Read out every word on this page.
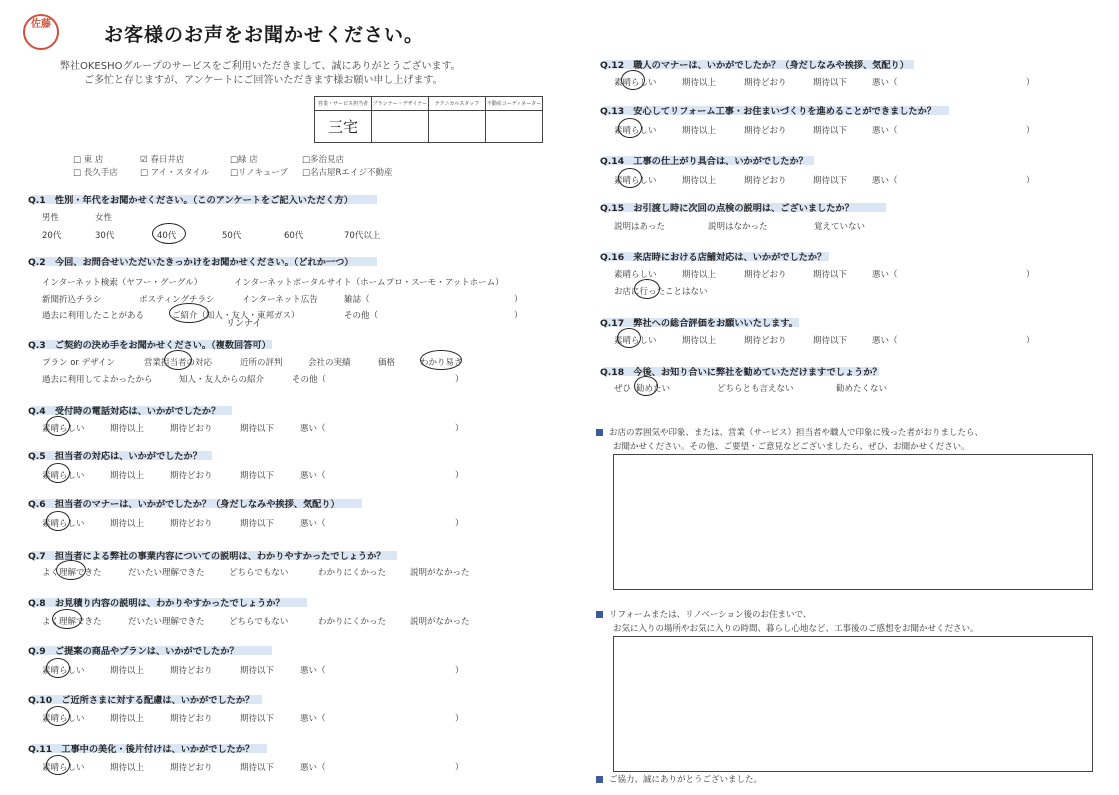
佐藤	お客様のお声をお聞かせください。
弊社OKESHOグループのサービスをご利用いただきまして、誠にありがとうございます。
ご多忙と存じますが、アンケートにご回答いただきます様お願い申し上げます。
営業・サービス担当者	プランナー・デザイナー	テクニカルスタッフ	不動産コーディネーター
三宅			
□ 東 店	☑ 春日井店	□緑 店	□多治見店
□ 長久手店	□ アイ・スタイル □リノキューブ □名古屋Rエイジ不動産
Q.1　性別・年代をお聞かせください。（このアンケートをご記入いただく方）
男性	女性
20代	30代	40代	50代	60代	70代以上
Q.2　今回、お問合せいただいたきっかけをお聞かせください。（どれか一つ）
インターネット検索（ヤフー・グーグル）	インターネットポータルサイト（ホームプロ・スーモ・アットホーム）
新聞折込チラシ	ポスティングチラシ	インターネット広告	雑誌（	）
過去に利用したことがある	ご紹介（知人・友人・東邦ガス）	その他（	）
リンナイ
Q.3　ご契約の決め手をお聞かせください。（複数回答可）
プラン or デザイン	営業担当者の対応	近所の評判	会社の実績	価格	わかり易さ
過去に利用してよかったから	知人・友人からの紹介	その他（	）
Q.4　受付時の電話対応は、いかがでしたか？
素晴らしい	期待以上	期待どおり	期待以下	悪い（	）
Q.5　担当者の対応は、いかがでしたか？
素晴らしい	期待以上	期待どおり	期待以下	悪い（	）
Q.6　担当者のマナーは、いかがでしたか？（身だしなみや挨拶、気配り）
素晴らしい	期待以上	期待どおり	期待以下	悪い（	）
Q.7　担当者による弊社の事業内容についての説明は、わかりやすかったでしょうか？
よく理解できた	だいたい理解できた	どちらでもない	わかりにくかった	説明がなかった
Q.8　お見積り内容の説明は、わかりやすかったでしょうか？
よく理解できた	だいたい理解できた	どちらでもない	わかりにくかった	説明がなかった
Q.9　ご提案の商品やプランは、いかがでしたか？
素晴らしい	期待以上	期待どおり	期待以下	悪い（	）
Q.10　ご近所さまに対する配慮は、いかがでしたか？
素晴らしい	期待以上	期待どおり	期待以下	悪い（	）
Q.11　工事中の美化・後片付けは、いかがでしたか？
素晴らしい	期待以上	期待どおり	期待以下	悪い（	）
Q.12　職人のマナーは、いかがでしたか？（身だしなみや挨拶、気配り）
素晴らしい	期待以上	期待どおり	期待以下	悪い（	）
Q.13　安心してリフォーム工事・お住まいづくりを進めることができましたか？
素晴らしい	期待以上	期待どおり	期待以下	悪い（	）
Q.14　工事の仕上がり具合は、いかがでしたか？
素晴らしい	期待以上	期待どおり	期待以下	悪い（	）
Q.15　お引渡し時に次回の点検の説明は、ございましたか？
説明はあった	説明はなかった	覚えていない
Q.16　来店時における店舗対応は、いかがでしたか？
素晴らしい	期待以上	期待どおり	期待以下	悪い（	）
お店に行ったことはない
Q.17　弊社への総合評価をお願いいたします。
素晴らしい	期待以上	期待どおり	期待以下	悪い（	）
Q.18　今後、お知り合いに弊社を勧めていただけますでしょうか？
ぜひ 勧めたい	どちらとも言えない	勧めたくない
お店の雰囲気や印象、または、営業（サービス）担当者や職人で印象に残った者がおりましたら、
お聞かせください。その他、ご要望・ご意見などございましたら、ぜひ、お聞かせください。
リフォームまたは、リノベーション後のお住まいで、
お気に入りの場所やお気に入りの時間、暮らし心地など、工事後のご感想をお聞かせください。
ご協力、誠にありがとうございました。
